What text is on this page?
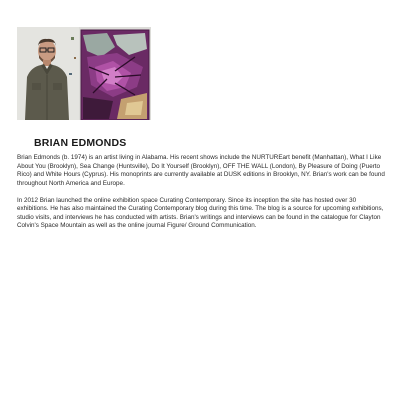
BRIAN EDMONDS

Brian Edmonds (b. 1974) is an artist living in Alabama. His recent shows include the NURTUREart benefit (Manhattan), What I Like About You (Brooklyn), Sea Change (Huntsville), Do It Yourself (Brooklyn), OFF THE WALL (London), By Pleasure of Doing (Puerto Rico) and White Hours (Cyprus). His monoprints are currently available at DUSK editions in Brooklyn, NY. Brian's work can be found throughout North America and Europe.

In 2012 Brian launched the online exhibition space Curating Contemporary. Since its inception the site has hosted over 30 exhibitions. He has also maintained the Curating Contemporary blog during this time. The blog is a source for upcoming exhibitions, studio visits, and interviews he has conducted with artists. Brian's writings and interviews can be found in the catalogue for Clayton Colvin's Space Mountain as well as the online journal Figure/ Ground Communication.
